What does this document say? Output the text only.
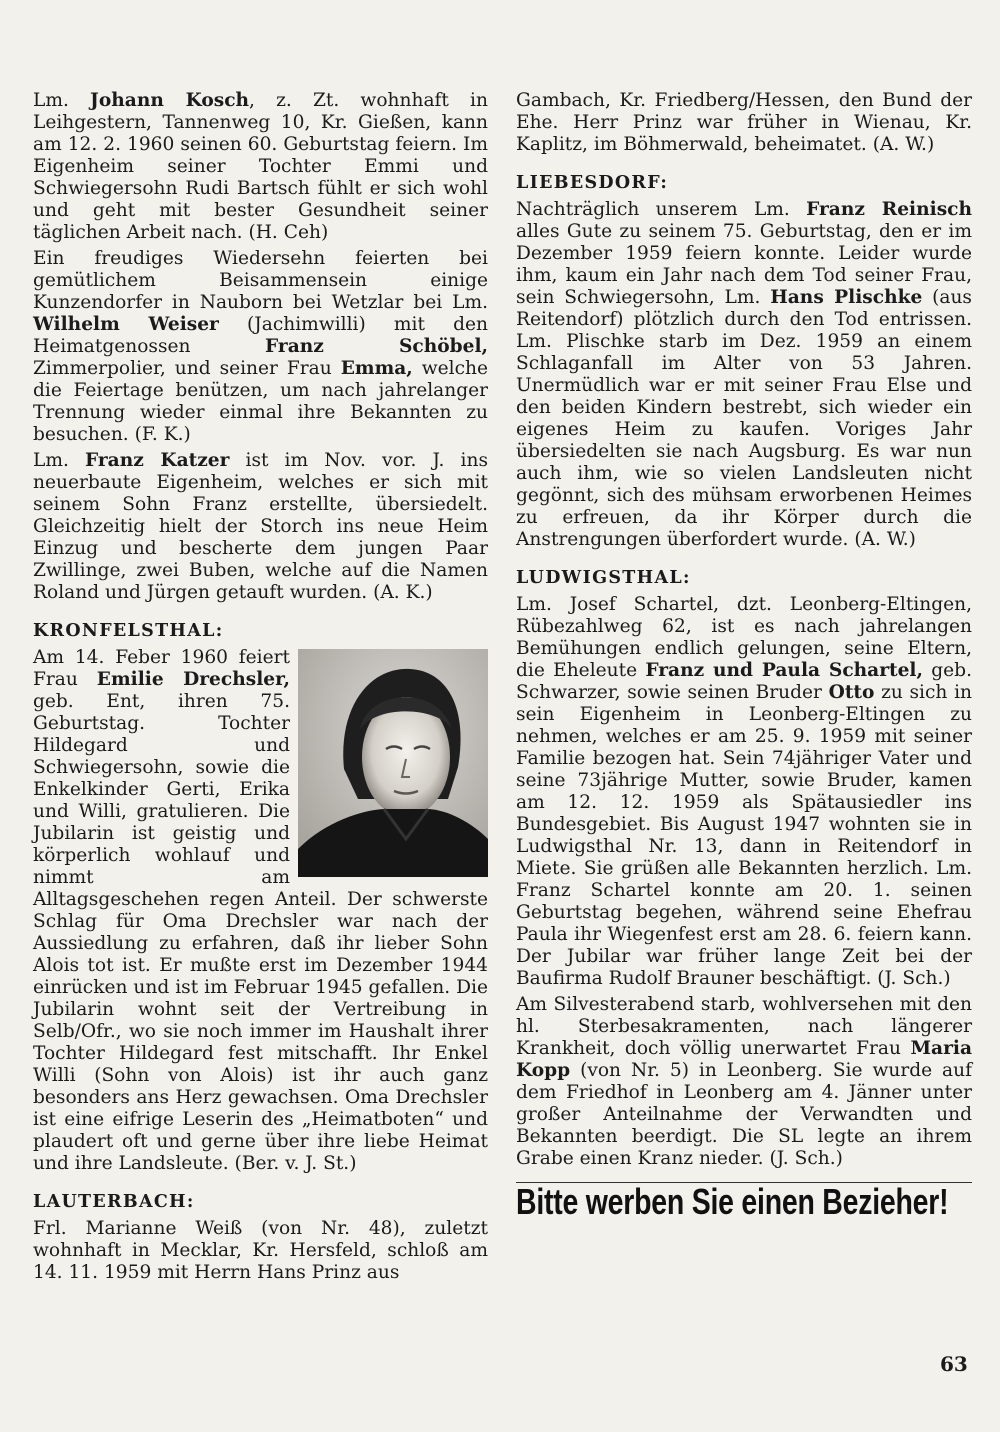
Lm. Johann Kosch, z. Zt. wohnhaft in Leihgestern, Tannenweg 10, Kr. Gießen, kann am 12. 2. 1960 seinen 60. Geburtstag feiern. Im Eigenheim seiner Tochter Emmi und Schwiegersohn Rudi Bartsch fühlt er sich wohl und geht mit bester Gesundheit seiner täglichen Arbeit nach. (H. Ceh)

Ein freudiges Wiedersehn feierten bei gemütlichem Beisammensein einige Kunzendorfer in Nauborn bei Wetzlar bei Lm. Wilhelm Weiser (Jachimwilli) mit den Heimatgenossen Franz Schöbel, Zimmerpolier, und seiner Frau Emma, welche die Feiertage benützen, um nach jahrelanger Trennung wieder einmal ihre Bekannten zu besuchen. (F. K.)

Lm. Franz Katzer ist im Nov. vor. J. ins neuerbaute Eigenheim, welches er sich mit seinem Sohn Franz erstellte, übersiedelt. Gleichzeitig hielt der Storch ins neue Heim Einzug und bescherte dem jungen Paar Zwillinge, zwei Buben, welche auf die Namen Roland und Jürgen getauft wurden. (A. K.)

KRONFELSTHAL:

Am 14. Feber 1960 feiert Frau Emilie Drechsler, geb. Ent, ihren 75. Geburtstag. Tochter Hildegard und Schwiegersohn, sowie die Enkelkinder Gerti, Erika und Willi, gratulieren. Die Jubilarin ist geistig und körperlich wohlauf und nimmt am Alltagsgeschehen regen Anteil. Der schwerste Schlag für Oma Drechsler war nach der Aussiedlung zu erfahren, daß ihr lieber Sohn Alois tot ist. Er mußte erst im Dezember 1944 einrücken und ist im Februar 1945 gefallen. Die Jubilarin wohnt seit der Vertreibung in Selb/Ofr., wo sie noch immer im Haushalt ihrer Tochter Hildegard fest mitschafft. Ihr Enkel Willi (Sohn von Alois) ist ihr auch ganz besonders ans Herz gewachsen. Oma Drechsler ist eine eifrige Leserin des „Heimatboten“ und plaudert oft und gerne über ihre liebe Heimat und ihre Landsleute. (Ber. v. J. St.)

LAUTERBACH:

Frl. Marianne Weiß (von Nr. 48), zuletzt wohnhaft in Mecklar, Kr. Hersfeld, schloß am 14. 11. 1959 mit Herrn Hans Prinz aus

Gambach, Kr. Friedberg/Hessen, den Bund der Ehe. Herr Prinz war früher in Wienau, Kr. Kaplitz, im Böhmerwald, beheimatet. (A. W.)

LIEBESDORF:

Nachträglich unserem Lm. Franz Reinisch alles Gute zu seinem 75. Geburtstag, den er im Dezember 1959 feiern konnte. Leider wurde ihm, kaum ein Jahr nach dem Tod seiner Frau, sein Schwiegersohn, Lm. Hans Plischke (aus Reitendorf) plötzlich durch den Tod entrissen. Lm. Plischke starb im Dez. 1959 an einem Schlaganfall im Alter von 53 Jahren. Unermüdlich war er mit seiner Frau Else und den beiden Kindern bestrebt, sich wieder ein eigenes Heim zu kaufen. Voriges Jahr übersiedelten sie nach Augsburg. Es war nun auch ihm, wie so vielen Landsleuten nicht gegönnt, sich des mühsam erworbenen Heimes zu erfreuen, da ihr Körper durch die Anstrengungen überfordert wurde. (A. W.)

LUDWIGSTHAL:

Lm. Josef Schartel, dzt. Leonberg-Eltingen, Rübezahlweg 62, ist es nach jahrelangen Bemühungen endlich gelungen, seine Eltern, die Eheleute Franz und Paula Schartel, geb. Schwarzer, sowie seinen Bruder Otto zu sich in sein Eigenheim in Leonberg-Eltingen zu nehmen, welches er am 25. 9. 1959 mit seiner Familie bezogen hat. Sein 74jähriger Vater und seine 73jährige Mutter, sowie Bruder, kamen am 12. 12. 1959 als Spätausiedler ins Bundesgebiet. Bis August 1947 wohnten sie in Ludwigsthal Nr. 13, dann in Reitendorf in Miete. Sie grüßen alle Bekannten herzlich. Lm. Franz Schartel konnte am 20. 1. seinen Geburtstag begehen, während seine Ehefrau Paula ihr Wiegenfest erst am 28. 6. feiern kann. Der Jubilar war früher lange Zeit bei der Baufirma Rudolf Brauner beschäftigt. (J. Sch.)

Am Silvesterabend starb, wohlversehen mit den hl. Sterbesakramenten, nach längerer Krankheit, doch völlig unerwartet Frau Maria Kopp (von Nr. 5) in Leonberg. Sie wurde auf dem Friedhof in Leonberg am 4. Jänner unter großer Anteilnahme der Verwandten und Bekannten beerdigt. Die SL legte an ihrem Grabe einen Kranz nieder. (J. Sch.)

Bitte werben Sie einen Bezieher!
63
